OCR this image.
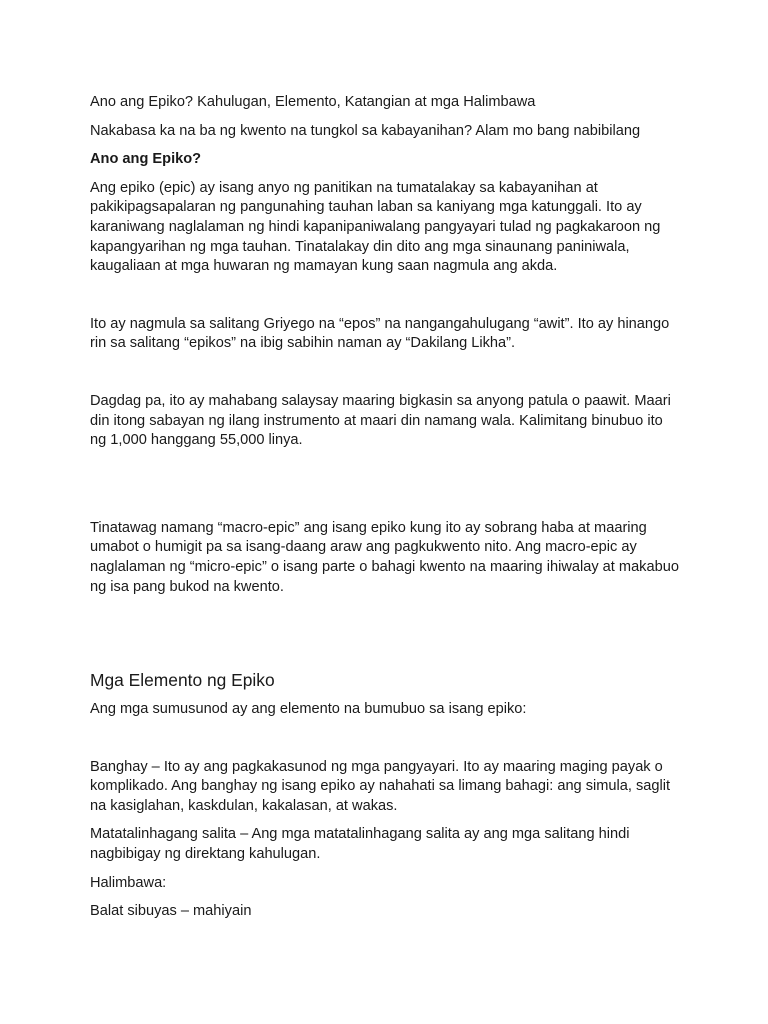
Ano ang Epiko? Kahulugan, Elemento, Katangian at mga Halimbawa

Nakabasa ka na ba ng kwento na tungkol sa kabayanihan? Alam mo bang nabibilang

Ano ang Epiko?

Ang epiko (epic) ay isang anyo ng panitikan na tumatalakay sa kabayanihan at pakikipagsapalaran ng pangunahing tauhan laban sa kaniyang mga katunggali. Ito ay karaniwang naglalaman ng hindi kapanipaniwalang pangyayari tulad ng pagkakaroon ng kapangyarihan ng mga tauhan. Tinatalakay din dito ang mga sinaunang paniniwala, kaugaliaan at mga huwaran ng mamayan kung saan nagmula ang akda.

Ito ay nagmula sa salitang Griyego na “epos” na nangangahulugang “awit”. Ito ay hinango rin sa salitang “epikos” na ibig sabihin naman ay “Dakilang Likha”.

Dagdag pa, ito ay mahabang salaysay maaring bigkasin sa anyong patula o paawit. Maari din itong sabayan ng ilang instrumento at maari din namang wala. Kalimitang binubuo ito ng 1,000 hanggang 55,000 linya.

Tinatawag namang “macro-epic” ang isang epiko kung ito ay sobrang haba at maaring umabot o humigit pa sa isang-daang araw ang pagkukwento nito. Ang macro-epic ay naglalaman ng “micro-epic” o isang parte o bahagi kwento na maaring ihiwalay at makabuo ng isa pang bukod na kwento.

Mga Elemento ng Epiko

Ang mga sumusunod ay ang elemento na bumubuo sa isang epiko:

Banghay – Ito ay ang pagkakasunod ng mga pangyayari. Ito ay maaring maging payak o komplikado. Ang banghay ng isang epiko ay nahahati sa limang bahagi: ang simula, saglit na kasiglahan, kaskdulan, kakalasan, at wakas.

Matatalinhagang salita – Ang mga matatalinhagang salita ay ang mga salitang hindi nagbibigay ng direktang kahulugan.

Halimbawa:

Balat sibuyas – mahiyain
